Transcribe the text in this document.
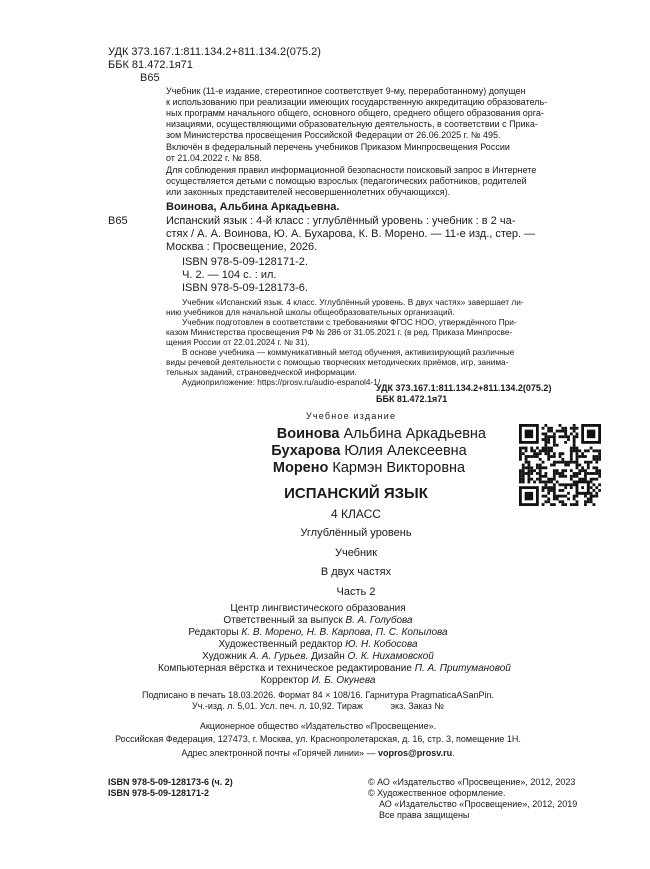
УДК 373.167.1:811.134.2+811.134.2(075.2)
ББК 81.472.1я71
В65
Учебник (11-е издание, стереотипное соответствует 9-му, переработанному) допущен
к использованию при реализации имеющих государственную аккредитацию образователь-
ных программ начального общего, основного общего, среднего общего образования орга-
низациями, осуществляющими образовательную деятельность, в соответствии с Прика-
зом Министерства просвещения Российской Федерации от 26.06.2025 г. № 495.
Включён в федеральный перечень учебников Приказом Минпросвещения России
от 21.04.2022 г. № 858.
Для соблюдения правил информационной безопасности поисковый запрос в Интернете
осуществляется детьми с помощью взрослых (педагогических работников, родителей
или законных представителей несовершеннолетних обучающихся).
Воинова, Альбина Аркадьевна.
В65	Испанский язык : 4-й класс : углублённый уровень : учебник : в 2 ча-
стях / А. А. Воинова, Ю. А. Бухарова, К. В. Морено. — 11-е изд., стер. —
Москва : Просвещение, 2026.
ISBN 978-5-09-128171-2.
Ч. 2. — 104 с. : ил.
ISBN 978-5-09-128173-6.
Учебник «Испанский язык. 4 класс. Углублённый уровень. В двух частях» завершает ли-
нию учебников для начальной школы общеобразовательных организаций.
Учебник подготовлен в соответствии с требованиями ФГОС НОО, утверждённого При-
казом Министерства просвещения РФ № 286 от 31.05.2021 г. (в ред. Приказа Минпросве-
щения России от 22.01.2024 г. № 31).
В основе учебника — коммуникативный метод обучения, активизирующий различные
виды речевой деятельности с помощью творческих методических приёмов, игр, занима-
тельных заданий, страноведческой информации.
Аудиоприложение: https://prosv.ru/audio-espanol4-1/
УДК 373.167.1:811.134.2+811.134.2(075.2)
ББК 81.472.1я71
Учебное издание
Воинова Альбина Аркадьевна
Бухарова Юлия Алексеевна
Морено Кармэн Викторовна
ИСПАНСКИЙ ЯЗЫК
4 КЛАСС
Углублённый уровень
Учебник
В двух частях
Часть 2
Центр лингвистического образования
Ответственный за выпуск В. А. Голубова
Редакторы К. В. Морено, Н. В. Карпова, П. С. Копылова
Художественный редактор Ю. Н. Кобосова
Художник А. А. Гурьев. Дизайн О. К. Нихамовской
Компьютерная вёрстка и техническое редактирование П. А. Притумановой
Корректор И. Б. Окунева
Подписано в печать 18.03.2026. Формат 84 × 108/16. Гарнитура PragmaticaASanPin.
Уч.-изд. л. 5,01. Усл. печ. л. 10,92. Тираж           экз. Заказ №
Акционерное общество «Издательство «Просвещение».
Российская Федерация, 127473, г. Москва, ул. Краснопролетарская, д. 16, стр. 3, помещение 1Н.
Адрес электронной почты «Горячей линии» — vopros@prosv.ru.
ISBN 978-5-09-128173-6 (ч. 2)
ISBN 978-5-09-128171-2
© АО «Издательство «Просвещение», 2012, 2023
© Художественное оформление.
АО «Издательство «Просвещение», 2012, 2019
Все права защищены
